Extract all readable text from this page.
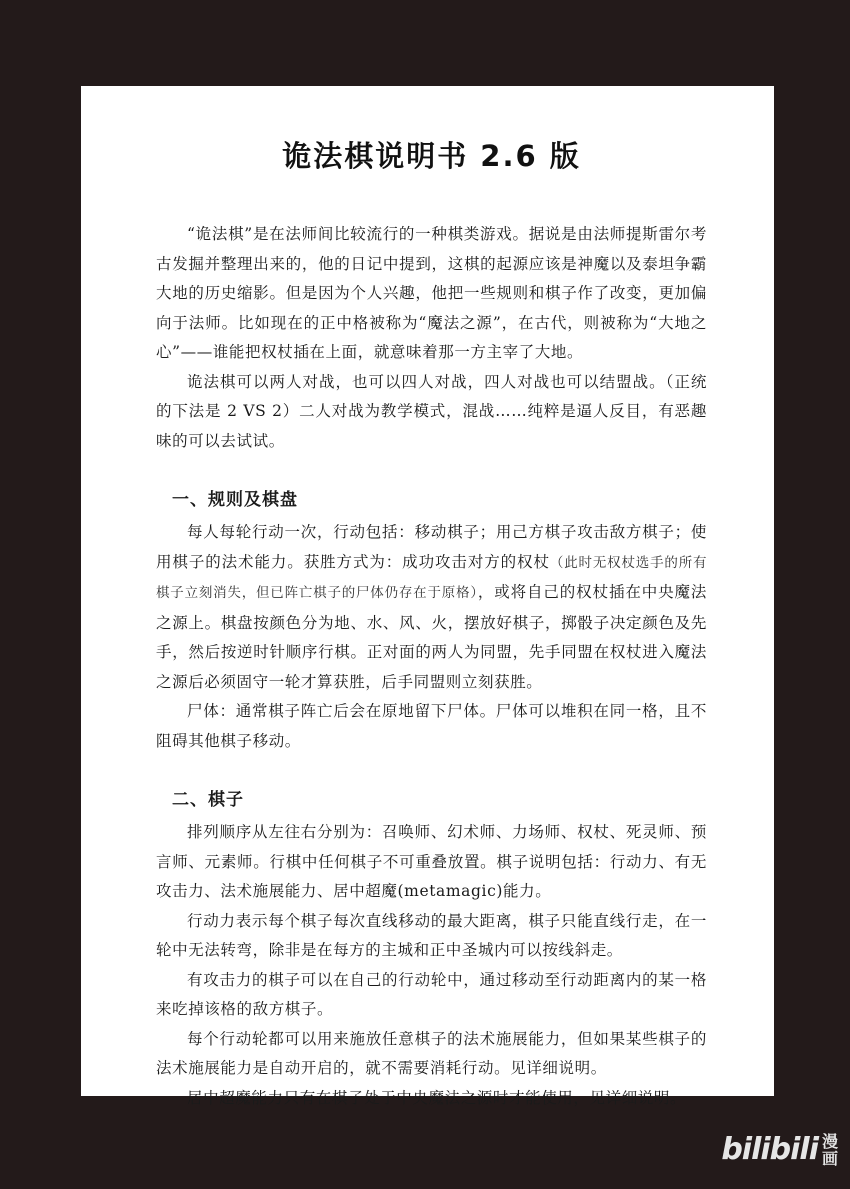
诡法棋说明书 2.6 版

“诡法棋”是在法师间比较流行的一种棋类游戏。据说是由法师提斯雷尔考古发掘并整理出来的，他的日记中提到，这棋的起源应该是神魔以及泰坦争霸大地的历史缩影。但是因为个人兴趣，他把一些规则和棋子作了改变，更加偏向于法师。比如现在的正中格被称为“魔法之源”，在古代，则被称为“大地之心”——谁能把权杖插在上面，就意味着那一方主宰了大地。

诡法棋可以两人对战，也可以四人对战，四人对战也可以结盟战。（正统的下法是 2 VS 2）二人对战为教学模式，混战……纯粹是逼人反目，有恶趣味的可以去试试。

一、规则及棋盘

每人每轮行动一次，行动包括：移动棋子；用己方棋子攻击敌方棋子；使用棋子的法术能力。获胜方式为：成功攻击对方的权杖（此时无权杖选手的所有棋子立刻消失，但已阵亡棋子的尸体仍存在于原格），或将自己的权杖插在中央魔法之源上。棋盘按颜色分为地、水、风、火，摆放好棋子，掷骰子决定颜色及先手，然后按逆时针顺序行棋。正对面的两人为同盟，先手同盟在权杖进入魔法之源后必须固守一轮才算获胜，后手同盟则立刻获胜。

尸体：通常棋子阵亡后会在原地留下尸体。尸体可以堆积在同一格，且不阻碍其他棋子移动。

二、棋子

排列顺序从左往右分别为：召唤师、幻术师、力场师、权杖、死灵师、预言师、元素师。行棋中任何棋子不可重叠放置。棋子说明包括：行动力、有无攻击力、法术施展能力、居中超魔(metamagic)能力。

行动力表示每个棋子每次直线移动的最大距离，棋子只能直线行走，在一轮中无法转弯，除非是在每方的主城和正中圣城内可以按线斜走。

有攻击力的棋子可以在自己的行动轮中，通过移动至行动距离内的某一格来吃掉该格的敌方棋子。

每个行动轮都可以用来施放任意棋子的法术施展能力，但如果某些棋子的法术施展能力是自动开启的，就不需要消耗行动。见详细说明。

居中超魔能力只有在棋子处于中央魔法之源时才能使用，见详细说明。

bilibili 漫
画
